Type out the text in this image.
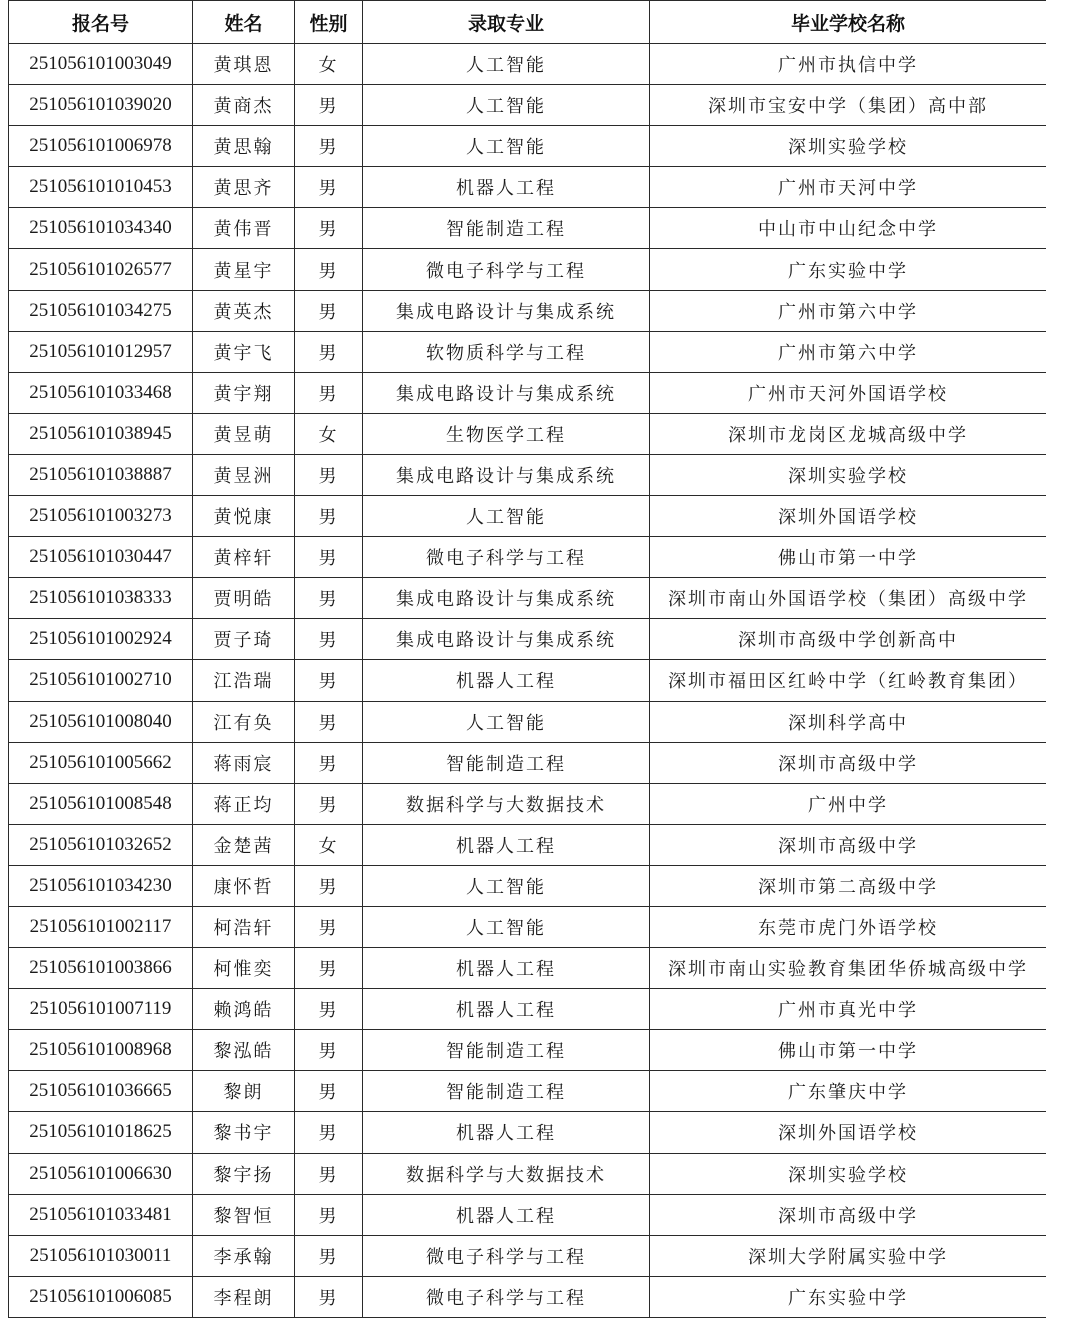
报名号	姓名	性别	录取专业	毕业学校名称
251056101003049	黄琪恩	女	人工智能	广州市执信中学
251056101039020	黄商杰	男	人工智能	深圳市宝安中学（集团）高中部
251056101006978	黄思翰	男	人工智能	深圳实验学校
251056101010453	黄思齐	男	机器人工程	广州市天河中学
251056101034340	黄伟晋	男	智能制造工程	中山市中山纪念中学
251056101026577	黄星宇	男	微电子科学与工程	广东实验中学
251056101034275	黄英杰	男	集成电路设计与集成系统	广州市第六中学
251056101012957	黄宇飞	男	软物质科学与工程	广州市第六中学
251056101033468	黄宇翔	男	集成电路设计与集成系统	广州市天河外国语学校
251056101038945	黄昱萌	女	生物医学工程	深圳市龙岗区龙城高级中学
251056101038887	黄昱洲	男	集成电路设计与集成系统	深圳实验学校
251056101003273	黄悦康	男	人工智能	深圳外国语学校
251056101030447	黄梓轩	男	微电子科学与工程	佛山市第一中学
251056101038333	贾明皓	男	集成电路设计与集成系统	深圳市南山外国语学校（集团）高级中学
251056101002924	贾子琦	男	集成电路设计与集成系统	深圳市高级中学创新高中
251056101002710	江浩瑞	男	机器人工程	深圳市福田区红岭中学（红岭教育集团）
251056101008040	江有奂	男	人工智能	深圳科学高中
251056101005662	蒋雨宸	男	智能制造工程	深圳市高级中学
251056101008548	蒋正均	男	数据科学与大数据技术	广州中学
251056101032652	金楚茜	女	机器人工程	深圳市高级中学
251056101034230	康怀哲	男	人工智能	深圳市第二高级中学
251056101002117	柯浩轩	男	人工智能	东莞市虎门外语学校
251056101003866	柯惟奕	男	机器人工程	深圳市南山实验教育集团华侨城高级中学
251056101007119	赖鸿皓	男	机器人工程	广州市真光中学
251056101008968	黎泓皓	男	智能制造工程	佛山市第一中学
251056101036665	黎朗	男	智能制造工程	广东肇庆中学
251056101018625	黎书宇	男	机器人工程	深圳外国语学校
251056101006630	黎宇扬	男	数据科学与大数据技术	深圳实验学校
251056101033481	黎智恒	男	机器人工程	深圳市高级中学
251056101030011	李承翰	男	微电子科学与工程	深圳大学附属实验中学
251056101006085	李程朗	男	微电子科学与工程	广东实验中学
